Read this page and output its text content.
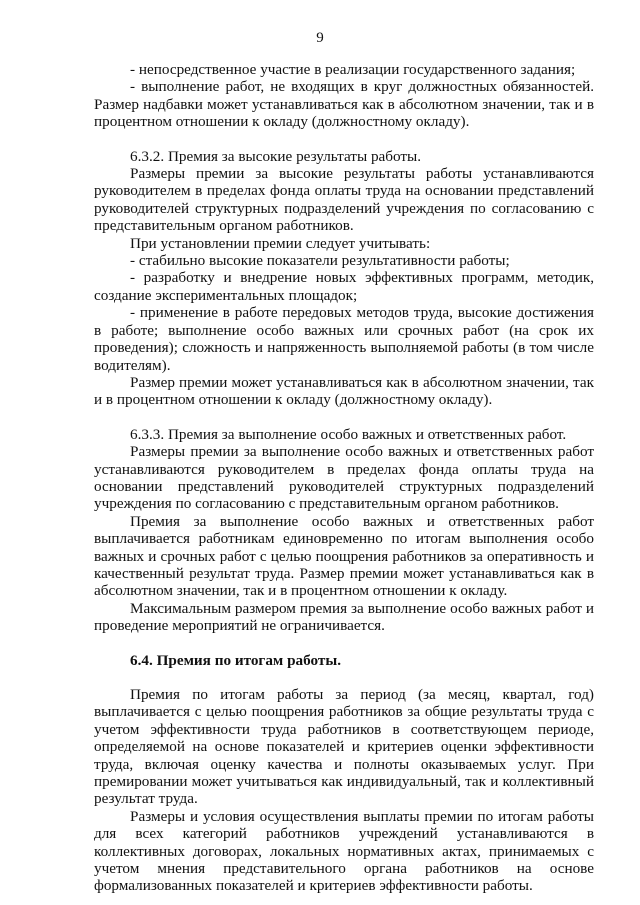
9

- непосредственное участие в реализации государственного задания;

- выполнение работ, не входящих в круг должностных обязанностей. Размер надбавки может устанавливаться как в абсолютном значении, так и в процентном отношении к окладу (должностному окладу).

6.3.2. Премия за высокие результаты работы.

Размеры премии за высокие результаты работы устанавливаются руководителем в пределах фонда оплаты труда на основании представлений руководителей структурных подразделений учреждения по согласованию с представительным органом работников.

При установлении премии следует учитывать:

- стабильно высокие показатели результативности работы;

- разработку и внедрение новых эффективных программ, методик, создание экспериментальных площадок;

- применение в работе передовых методов труда, высокие достижения в работе; выполнение особо важных или срочных работ (на срок их проведения); сложность и напряженность выполняемой работы (в том числе водителям).

Размер премии может устанавливаться как в абсолютном значении, так и в процентном отношении к окладу (должностному окладу).

6.3.3. Премия за выполнение особо важных и ответственных работ.

Размеры премии за выполнение особо важных и ответственных работ устанавливаются руководителем в пределах фонда оплаты труда на основании представлений руководителей структурных подразделений учреждения по согласованию с представительным органом работников.

Премия за выполнение особо важных и ответственных работ выплачивается работникам единовременно по итогам выполнения особо важных и срочных работ с целью поощрения работников за оперативность и качественный результат труда. Размер премии может устанавливаться как в абсолютном значении, так и в процентном отношении к окладу.

Максимальным размером премия за выполнение особо важных работ и проведение мероприятий не ограничивается.

6.4. Премия по итогам работы.

Премия по итогам работы за период (за месяц, квартал, год) выплачивается с целью поощрения работников за общие результаты труда с учетом эффективности труда работников в соответствующем периоде, определяемой на основе показателей и критериев оценки эффективности труда, включая оценку качества и полноты оказываемых услуг. При премировании может учитываться как индивидуальный, так и коллективный результат труда.

Размеры и условия осуществления выплаты премии по итогам работы для всех категорий работников учреждений устанавливаются в коллективных договорах, локальных нормативных актах, принимаемых с учетом мнения представительного органа работников на основе формализованных показателей и критериев эффективности работы.
